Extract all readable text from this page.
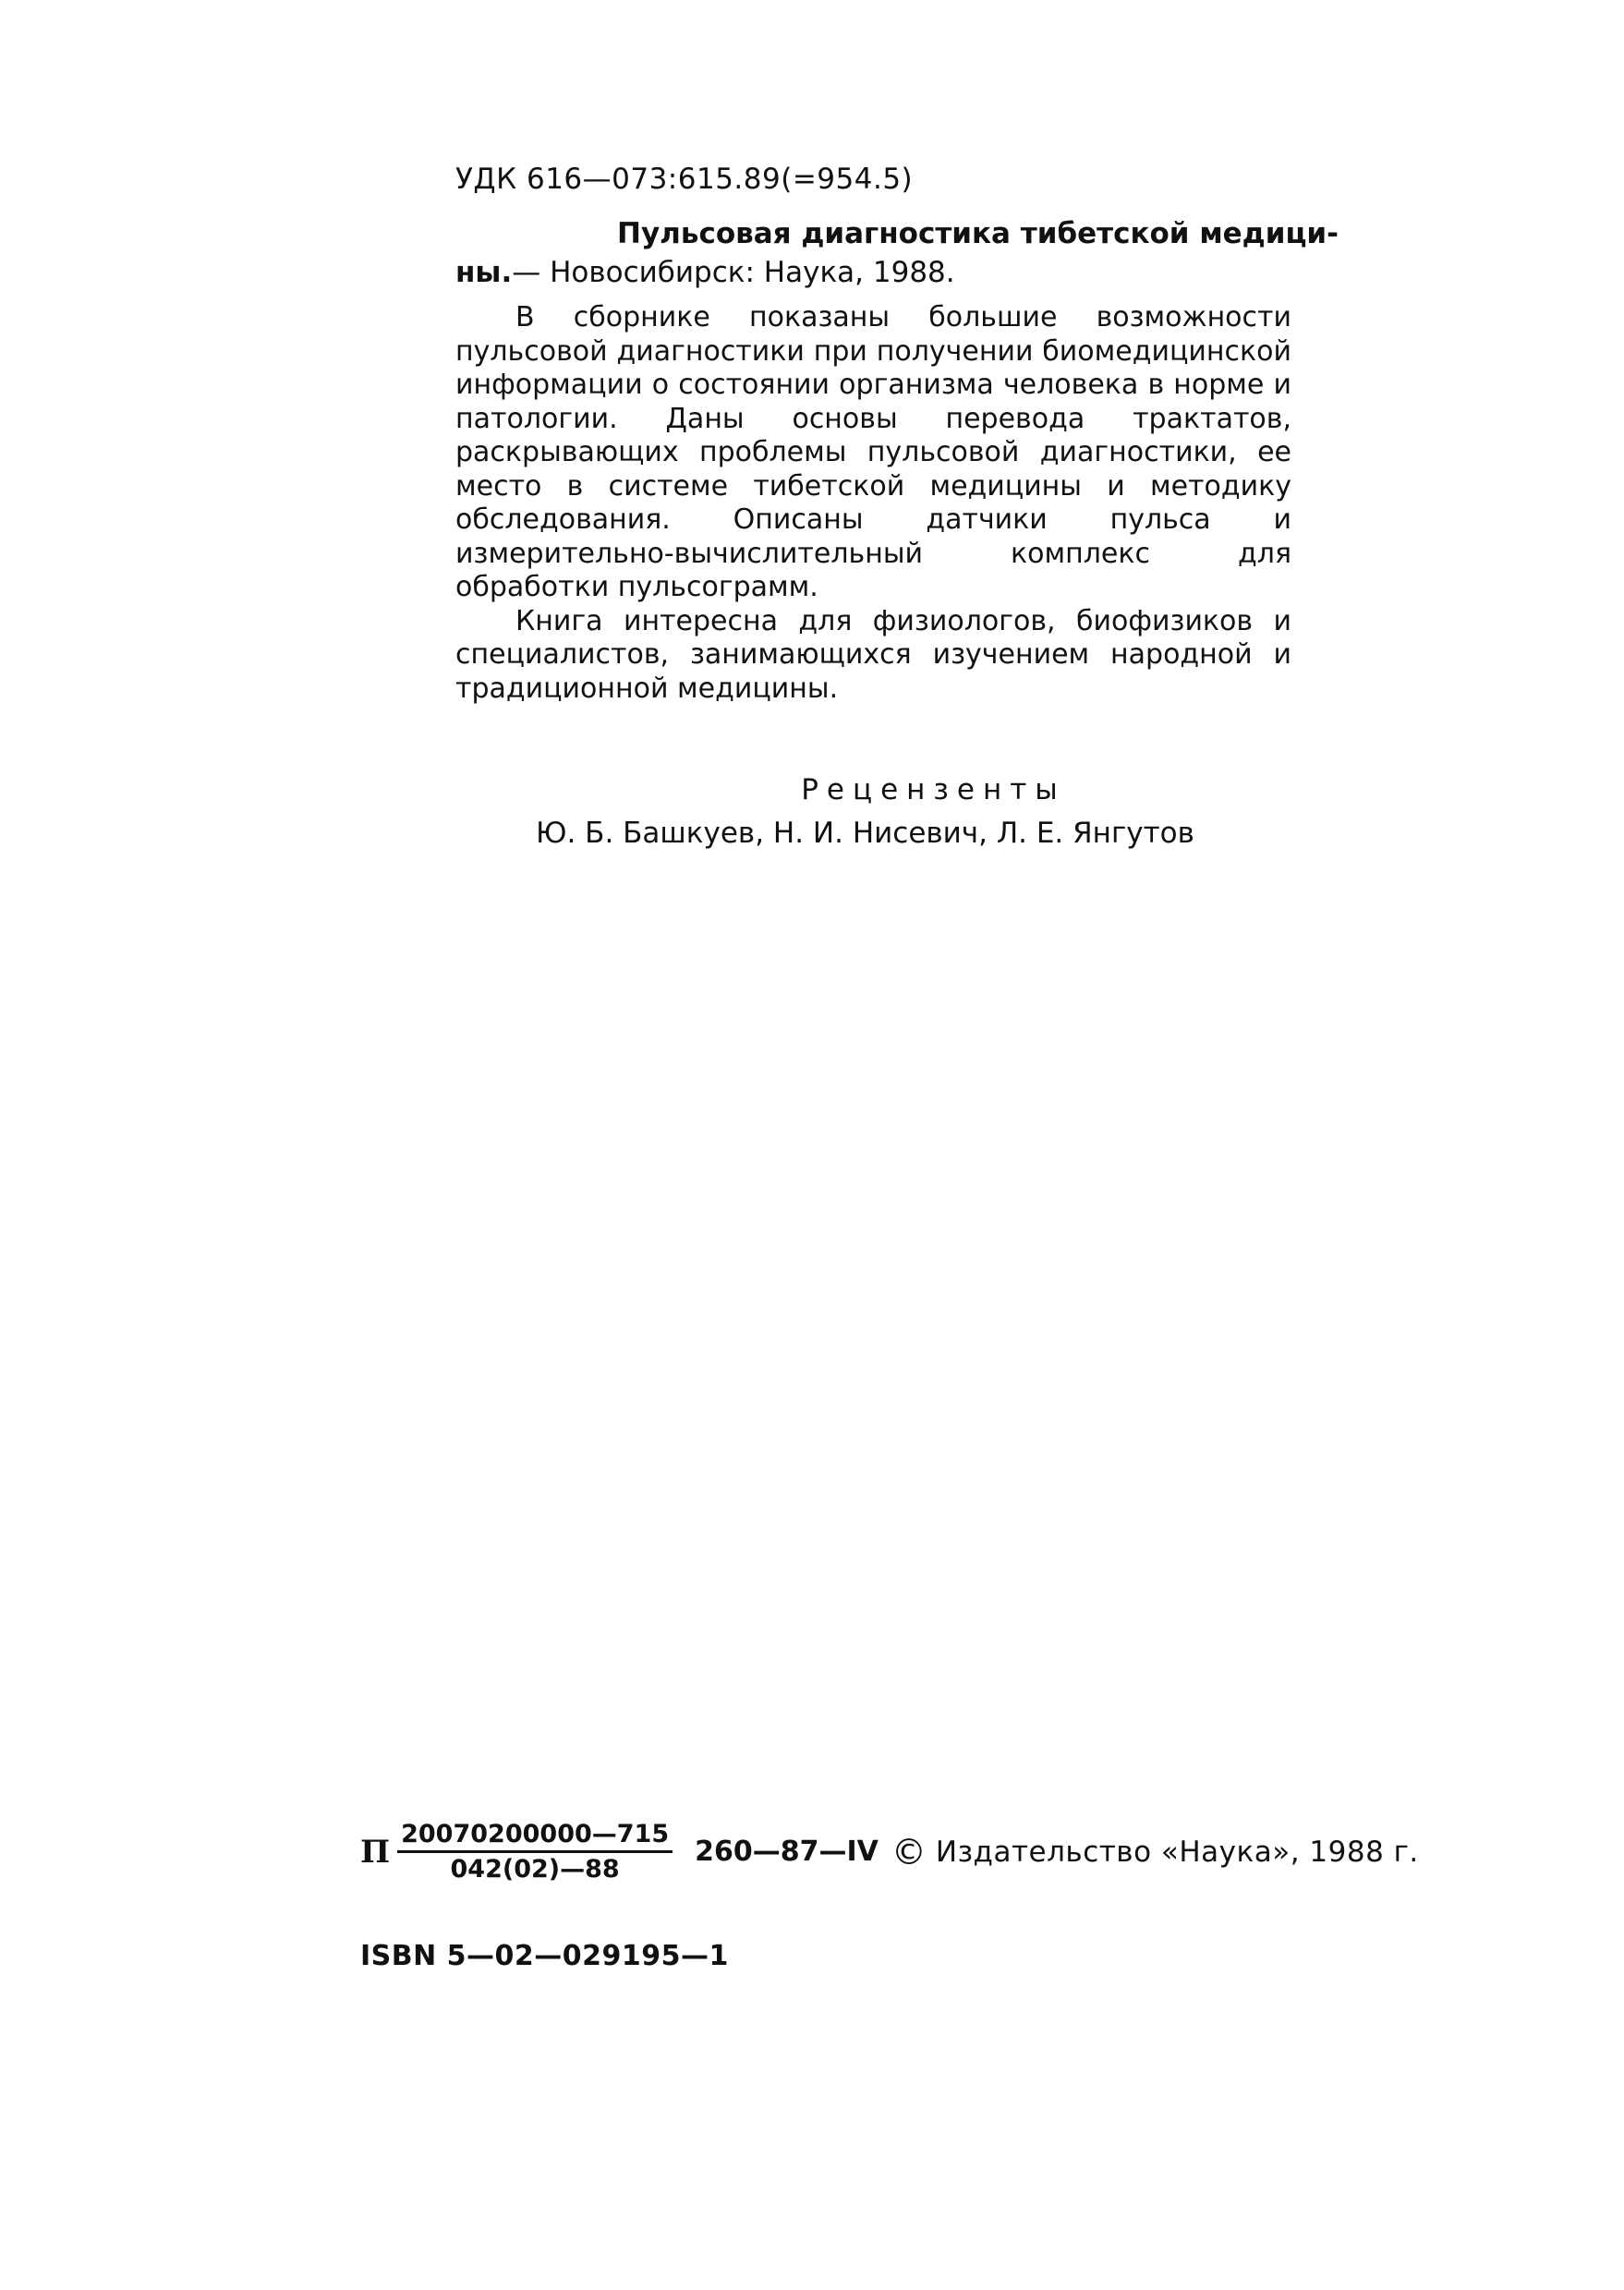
УДК 616—073:615.89(=954.5)
Пульсовая диагностика тибетской медици-
ны.— Новосибирск: Наука, 1988.

В сборнике показаны большие возможности пульсовой диагностики при получении биомедицинской информации о состоянии организма человека в норме и патологии. Даны основы перевода трактатов, раскрывающих проблемы пульсовой диагностики, ее место в системе тибетской медицины и методику обследования. Описаны датчики пульса и измерительно-вычислительный комплекс для обработки пульсограмм.

Книга интересна для физиологов, биофизиков и специалистов, занимающихся изучением народной и традиционной медицины.

Рецензенты
Ю. Б. Башкуев, Н. И. Нисевич, Л. Е. Янгутов
П $\frac{20070200000—715}{042(02)—88}$ 260—87—IV © Издательство «Наука», 1988 г.
ISBN 5—02—029195—1
